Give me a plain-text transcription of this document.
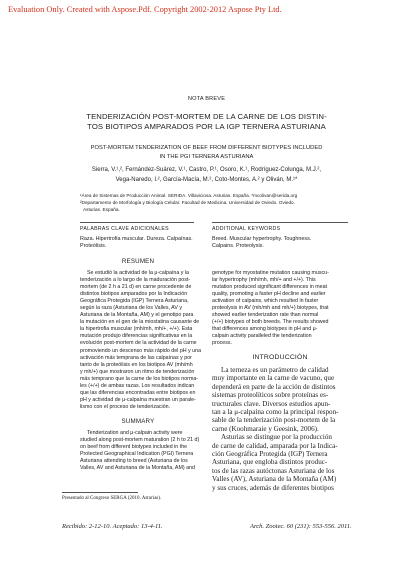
Evaluation Only. Created with Aspose.Pdf. Copyright 2002-2012 Aspose Pty Ltd.
NOTA BREVE
TENDERIZACIÓN POST-MORTEM DE LA CARNE DE LOS DISTIN-
TOS BIOTIPOS AMPARADOS POR LA IGP TERNERA ASTURIANA
POST-MORTEM TENDERIZATION OF BEEF FROM DIFFERENT BIOTYPES INCLUDED
IN THE PGI TERNERA ASTURIANA
Sierra, V.¹,², Fernández-Suárez, V.¹, Castro, P.¹, Osoro, K.¹, Rodríguez-Colunga, M.J.²,
Vega-Naredo, I.², García-Macía, M.², Coto-Montes, A.² y Oliván, M.¹*
¹Área de Sistemas de Producción Animal. SERIDA. Villaviciosa. Asturias. España. *mcolivan@serida.org
²Departamento de Morfología y Biología Celular. Facultad de Medicina. Universidad de Oviedo. Oviedo.
Asturias. España.
PALABRAS CLAVE ADICIONALES
Raza. Hipertrofia muscular. Dureza. Calpaínas.
Proteólisis.
ADDITIONAL KEYWORDS
Breed. Muscular hypertrophy. Toughness.
Calpains. Proteolysis.
RESUMEN
Se estudió la actividad de la μ-calpaína y la
tenderización a lo largo de la maduración post-
mortem (de 2 h a 21 d) en carne procedente de
distintos biotipos amparados por la Indicación
Geográfica Protegida (IGP) Ternera Asturiana,
según la raza (Asturiana de los Valles, AV y
Asturiana de la Montaña, AM) y el genotipo para
la mutación en el gen de la miostatina causante de
la hipertrofia muscular (mh/mh, mh/+, +/+). Esta
mutación produjo diferencias significativas en la
evolución post-mortem de la actividad de la carne
promoviendo un descenso más rápido del pH y una
activación más temprana de las calpaínas y por
tanto de la proteólisis en los biotipos AV (mh/mh
y mh/+) que mostraron un ritmo de tenderización
más temprano que la carne de los biotipos norma-
les (+/+) de ambas razas. Los resultados indican
que las diferencias encontradas entre biotipos en
pH y actividad de μ-calpaína muestran un parale-
lismo con el proceso de tenderización.
SUMMARY
Tenderization and μ-calpain activity were
studied along post-mortem maturation (2 h to 21 d)
on beef from different biotypes included in the
Protected Geographical Indication (PGI) Ternera
Asturiana attending to breed (Asturiana de los
Valles, AV and Asturiana de la Montaña, AM) and
genotype for myostatine mutation causing muscu-
lar hypertrophy (mh/mh, mh/+ and +/+). This
mutation produced significant differences in meat
quality, promoting a faster pH decline and earlier
activation of calpains, which resulted in faster
proteolysis in AV (mh/mh and mh/+) biotypes, that
showed earlier tenderization rate than normal
(+/+) biotypes of both breeds. The results showed
that differences among biotypes in pH and μ-
calpain activity paralleled the tenderization
process.
INTRODUCCIÓN
La terneza es un parámetro de calidad
muy importante en la carne de vacuno, que
dependerá en parte de la acción de distintos
sistemas proteolíticos sobre proteínas es-
tructurales clave. Diversos estudios apun-
tan a la μ-calpaína como la principal respon-
sable de la tenderización post-mortem de la
carne (Koohmaraie y Geesink, 2006).
Asturias se distingue por la producción
de carne de calidad, amparada por la Indica-
ción Geográfica Protegida (IGP) Ternera
Asturiana, que engloba distintos produc-
tos de las razas autóctonas Asturiana de los
Valles (AV), Asturiana de la Montaña (AM)
y sus cruces, además de diferentes biotipos
Presentado al Congreso SERGA (2010. Asturias).
Recibido: 2-12-10. Aceptado: 13-4-11.	Arch. Zootec. 60 (231): 553-556. 2011.
